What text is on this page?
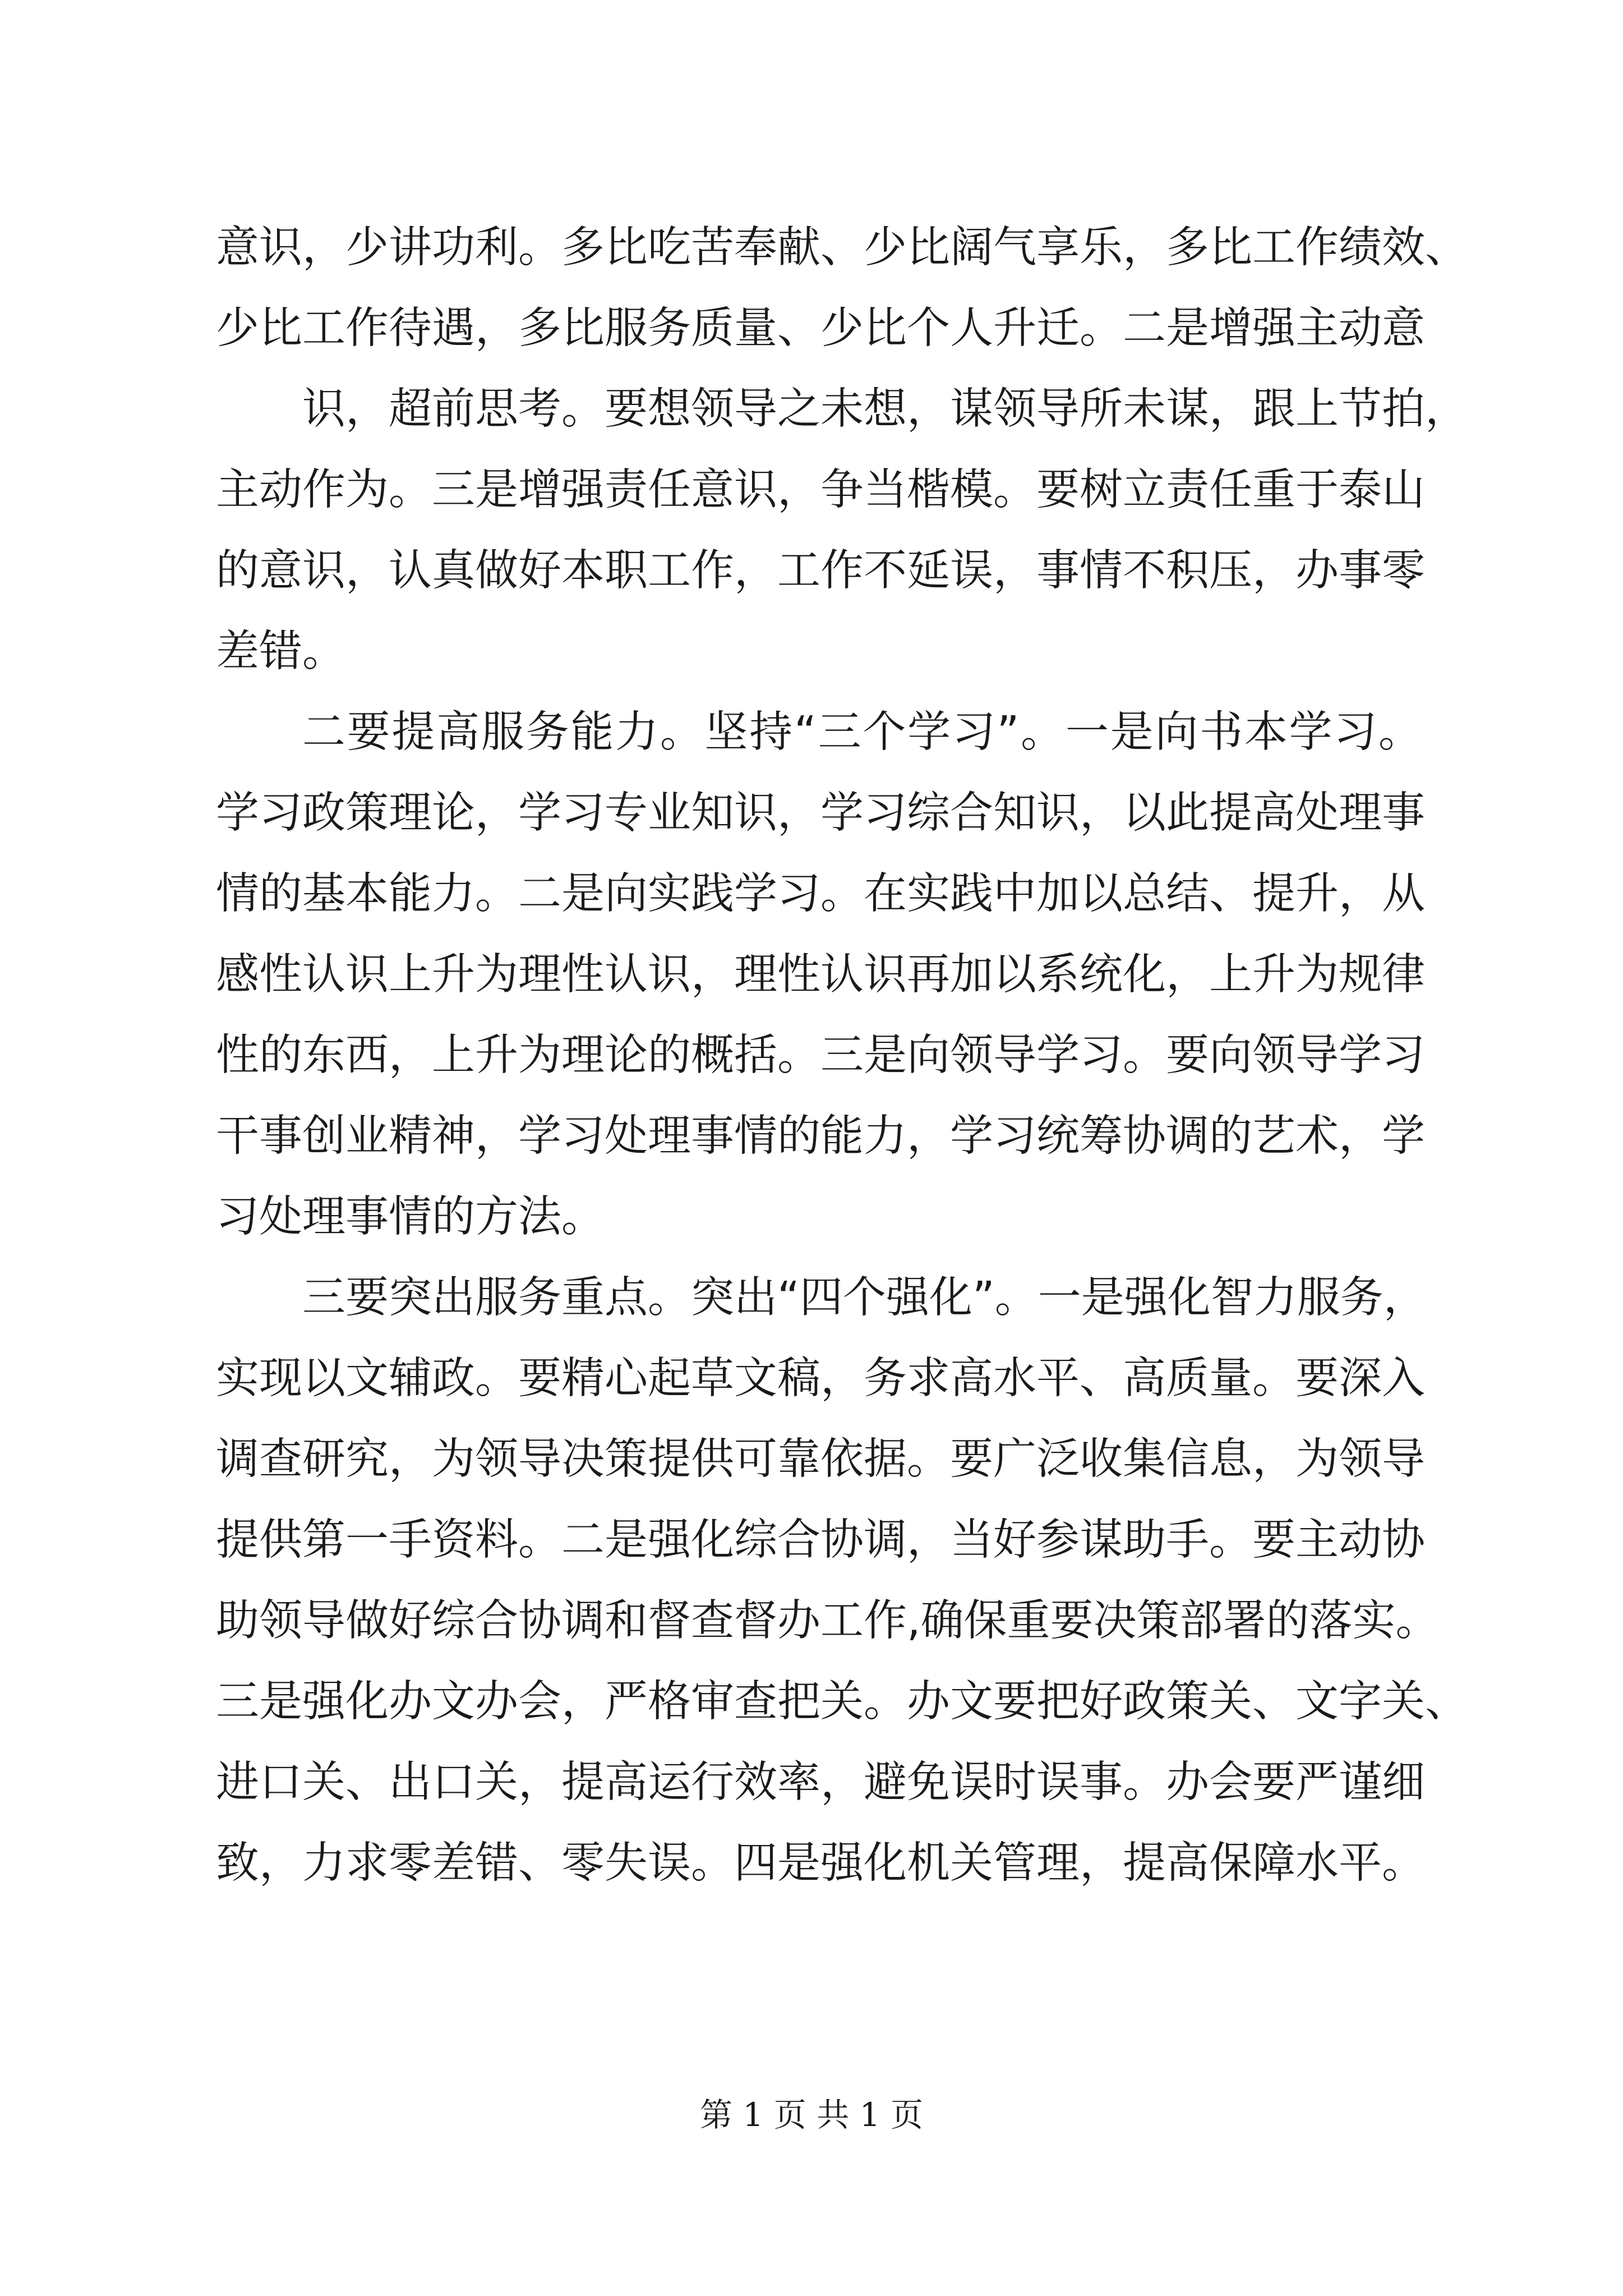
意识，少讲功利。多比吃苦奉献、少比阔气享乐，多比工作绩效、
少比工作待遇，多比服务质量、少比个人升迁。二是增强主动意
识，超前思考。要想领导之未想，谋领导所未谋，跟上节拍，
主动作为。三是增强责任意识，争当楷模。要树立责任重于泰山
的意识，认真做好本职工作，工作不延误，事情不积压，办事零
差错。
二要提高服务能力。坚持“三个学习”。一是向书本学习。
学习政策理论，学习专业知识，学习综合知识，以此提高处理事
情的基本能力。二是向实践学习。在实践中加以总结、提升，从
感性认识上升为理性认识，理性认识再加以系统化，上升为规律
性的东西，上升为理论的概括。三是向领导学习。要向领导学习
干事创业精神，学习处理事情的能力，学习统筹协调的艺术，学
习处理事情的方法。
三要突出服务重点。突出“四个强化”。一是强化智力服务，
实现以文辅政。要精心起草文稿，务求高水平、高质量。要深入
调查研究，为领导决策提供可靠依据。要广泛收集信息，为领导
提供第一手资料。二是强化综合协调，当好参谋助手。要主动协
助领导做好综合协调和督查督办工作,确保重要决策部署的落实。
三是强化办文办会，严格审查把关。办文要把好政策关、文字关、
进口关、出口关，提高运行效率，避免误时误事。办会要严谨细
致，力求零差错、零失误。四是强化机关管理，提高保障水平。
第 1 页 共 1 页
